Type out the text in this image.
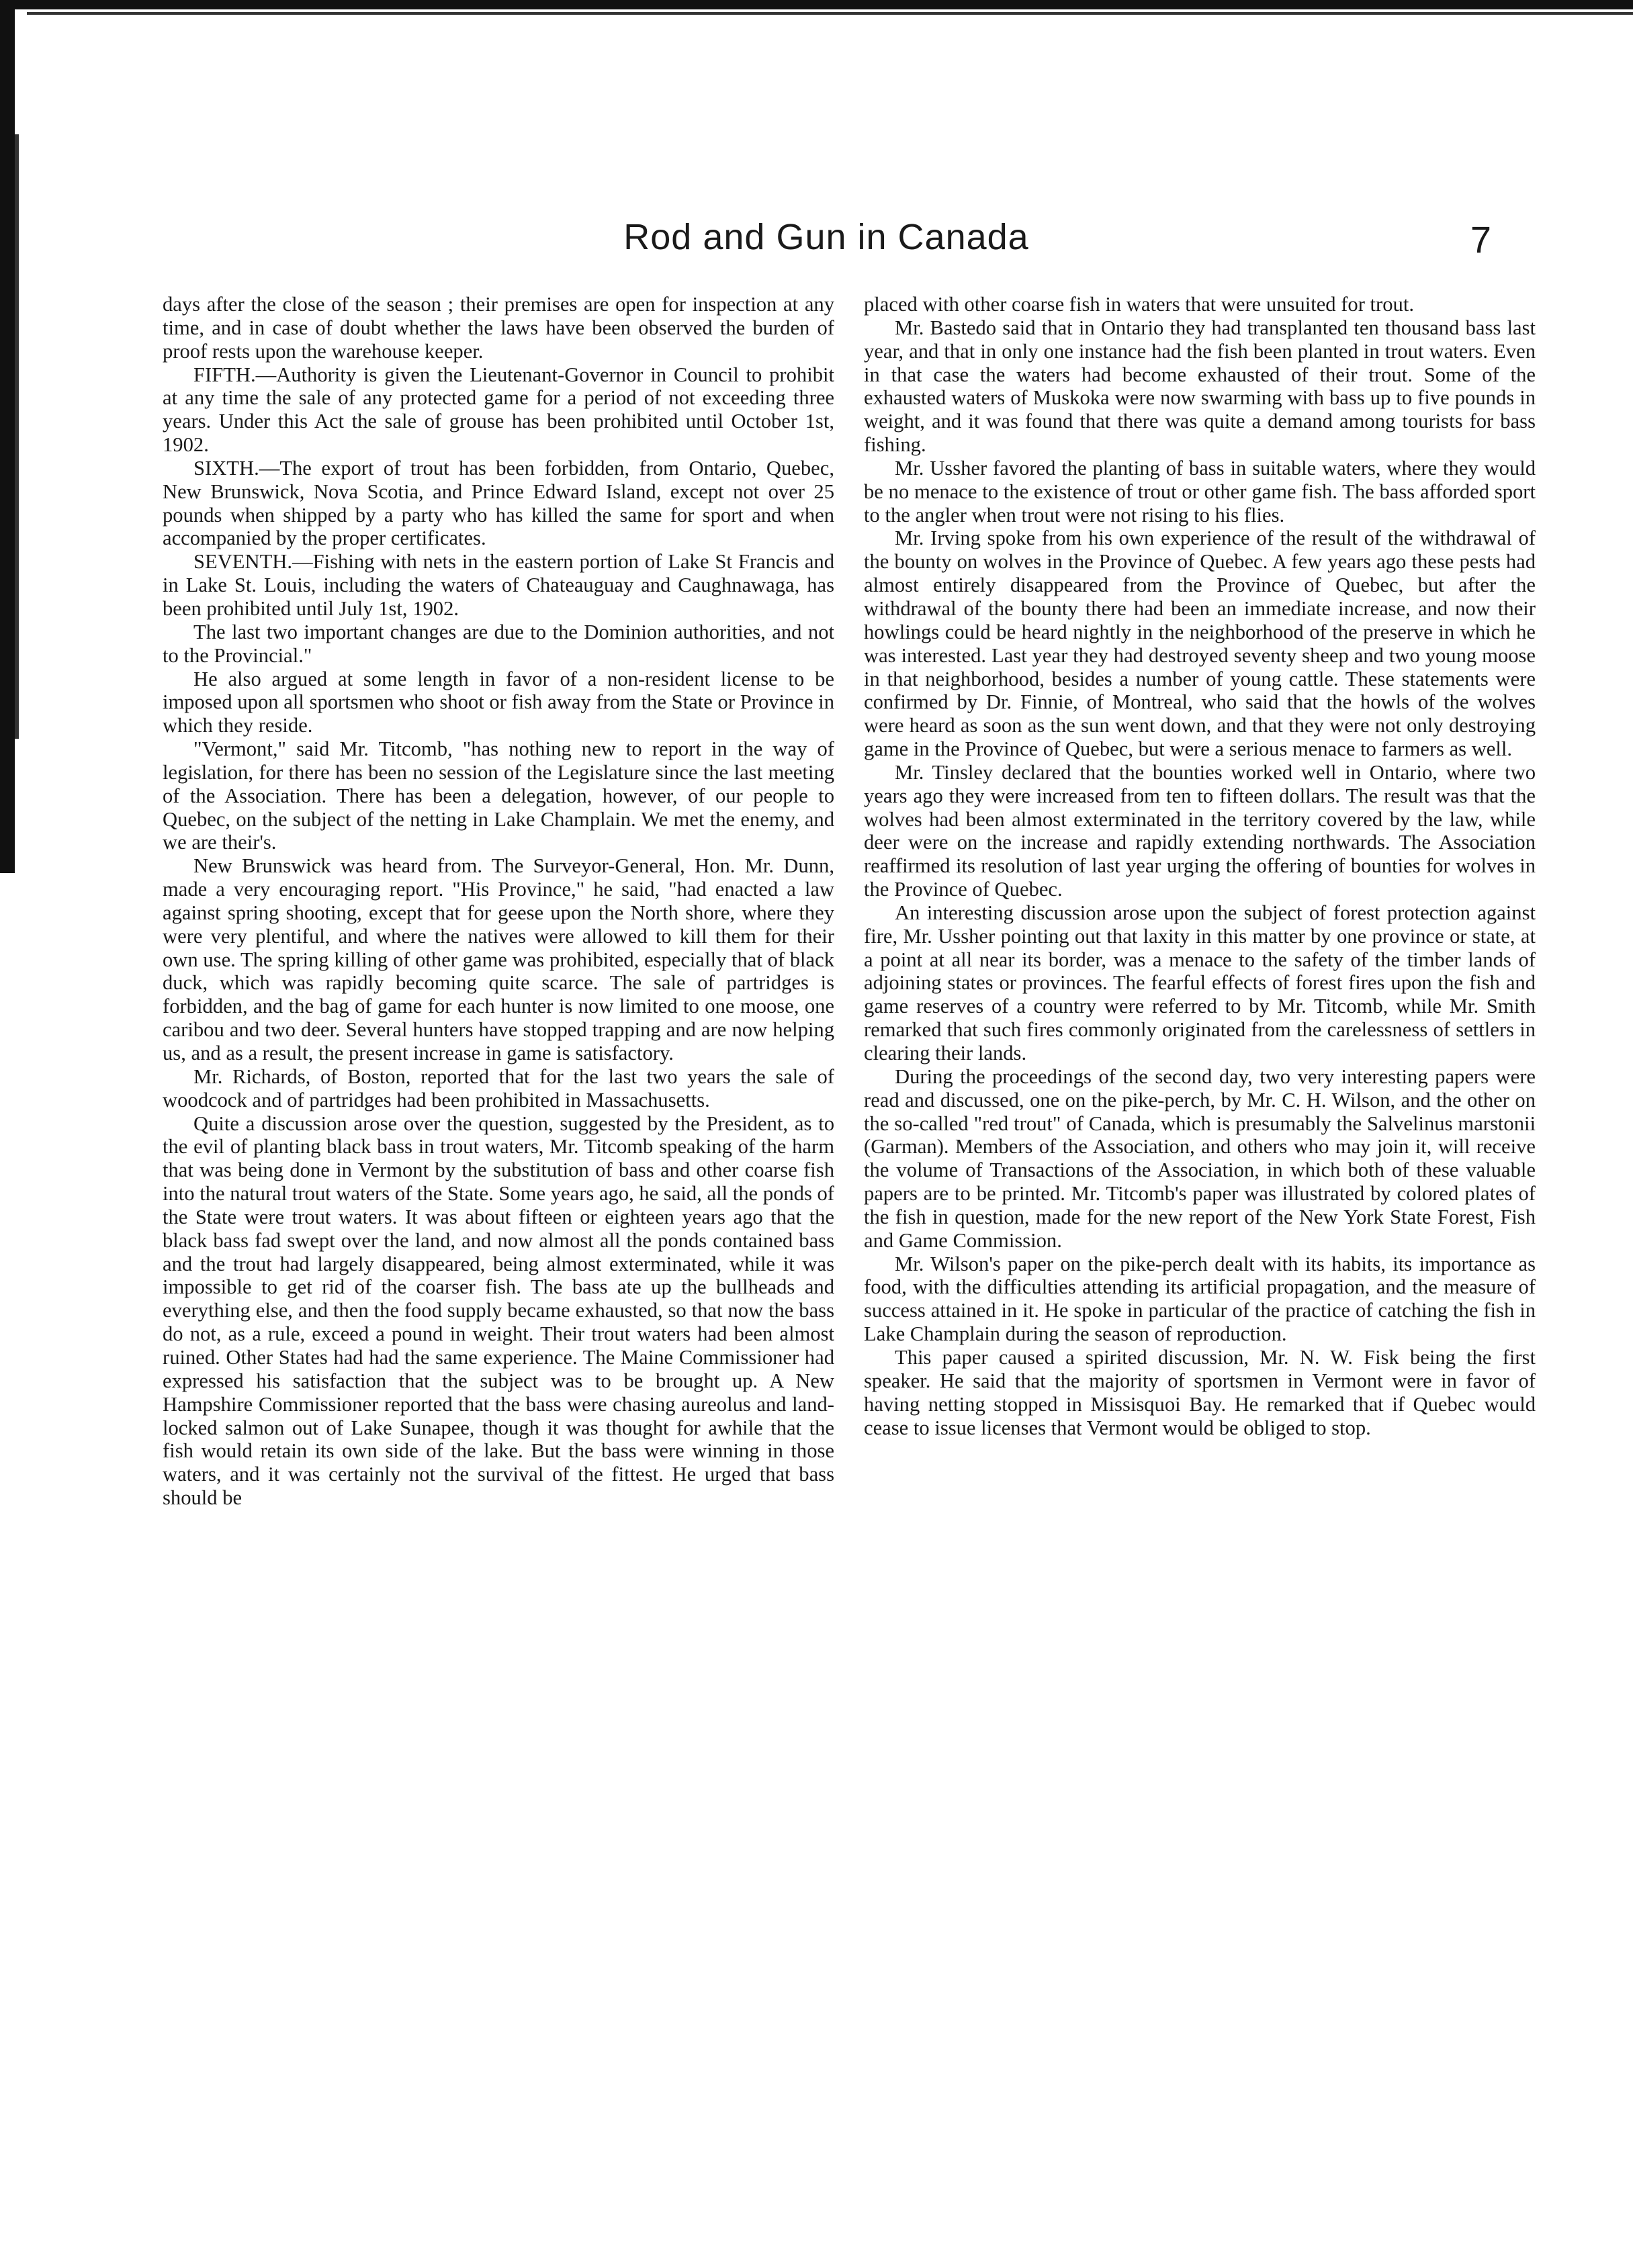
Rod and Gun in Canada	7

days after the close of the season ; their premises are open for inspection at any time, and in case of doubt whether the laws have been observed the burden of proof rests upon the warehouse keeper.

FIFTH.—Authority is given the Lieutenant-Governor in Council to prohibit at any time the sale of any protected game for a period of not exceeding three years. Under this Act the sale of grouse has been prohibited until October 1st, 1902.

SIXTH.—The export of trout has been forbidden, from Ontario, Quebec, New Brunswick, Nova Scotia, and Prince Edward Island, except not over 25 pounds when shipped by a party who has killed the same for sport and when accompanied by the proper certificates.

SEVENTH.—Fishing with nets in the eastern portion of Lake St Francis and in Lake St. Louis, including the waters of Chateauguay and Caughnawaga, has been prohibited until July 1st, 1902.

The last two important changes are due to the Dominion authorities, and not to the Provincial."

He also argued at some length in favor of a non-resident license to be imposed upon all sportsmen who shoot or fish away from the State or Province in which they reside.

"Vermont," said Mr. Titcomb, "has nothing new to report in the way of legislation, for there has been no session of the Legislature since the last meeting of the Association. There has been a delegation, however, of our people to Quebec, on the subject of the netting in Lake Champlain. We met the enemy, and we are their's.

New Brunswick was heard from. The Surveyor-General, Hon. Mr. Dunn, made a very encouraging report. "His Province," he said, "had enacted a law against spring shooting, except that for geese upon the North shore, where they were very plentiful, and where the natives were allowed to kill them for their own use. The spring killing of other game was prohibited, especially that of black duck, which was rapidly becoming quite scarce. The sale of partridges is forbidden, and the bag of game for each hunter is now limited to one moose, one caribou and two deer. Several hunters have stopped trapping and are now helping us, and as a result, the present increase in game is satisfactory.

Mr. Richards, of Boston, reported that for the last two years the sale of woodcock and of partridges had been prohibited in Massachusetts.

Quite a discussion arose over the question, suggested by the President, as to the evil of planting black bass in trout waters, Mr. Titcomb speaking of the harm that was being done in Vermont by the substitution of bass and other coarse fish into the natural trout waters of the State. Some years ago, he said, all the ponds of the State were trout waters. It was about fifteen or eighteen years ago that the black bass fad swept over the land, and now almost all the ponds contained bass and the trout had largely disappeared, being almost exterminated, while it was impossible to get rid of the coarser fish. The bass ate up the bullheads and everything else, and then the food supply became exhausted, so that now the bass do not, as a rule, exceed a pound in weight. Their trout waters had been almost ruined. Other States had had the same experience. The Maine Commissioner had expressed his satisfaction that the subject was to be brought up. A New Hampshire Commissioner reported that the bass were chasing aureolus and land-locked salmon out of Lake Sunapee, though it was thought for awhile that the fish would retain its own side of the lake. But the bass were winning in those waters, and it was certainly not the survival of the fittest. He urged that bass should be

placed with other coarse fish in waters that were unsuited for trout.

Mr. Bastedo said that in Ontario they had transplanted ten thousand bass last year, and that in only one instance had the fish been planted in trout waters. Even in that case the waters had become exhausted of their trout. Some of the exhausted waters of Muskoka were now swarming with bass up to five pounds in weight, and it was found that there was quite a demand among tourists for bass fishing.

Mr. Ussher favored the planting of bass in suitable waters, where they would be no menace to the existence of trout or other game fish. The bass afforded sport to the angler when trout were not rising to his flies.

Mr. Irving spoke from his own experience of the result of the withdrawal of the bounty on wolves in the Province of Quebec. A few years ago these pests had almost entirely disappeared from the Province of Quebec, but after the withdrawal of the bounty there had been an immediate increase, and now their howlings could be heard nightly in the neighborhood of the preserve in which he was interested. Last year they had destroyed seventy sheep and two young moose in that neighborhood, besides a number of young cattle. These statements were confirmed by Dr. Finnie, of Montreal, who said that the howls of the wolves were heard as soon as the sun went down, and that they were not only destroying game in the Province of Quebec, but were a serious menace to farmers as well.

Mr. Tinsley declared that the bounties worked well in Ontario, where two years ago they were increased from ten to fifteen dollars. The result was that the wolves had been almost exterminated in the territory covered by the law, while deer were on the increase and rapidly extending northwards. The Association reaffirmed its resolution of last year urging the offering of bounties for wolves in the Province of Quebec.

An interesting discussion arose upon the subject of forest protection against fire, Mr. Ussher pointing out that laxity in this matter by one province or state, at a point at all near its border, was a menace to the safety of the timber lands of adjoining states or provinces. The fearful effects of forest fires upon the fish and game reserves of a country were referred to by Mr. Titcomb, while Mr. Smith remarked that such fires commonly originated from the carelessness of settlers in clearing their lands.

During the proceedings of the second day, two very interesting papers were read and discussed, one on the pike-perch, by Mr. C. H. Wilson, and the other on the so-called "red trout" of Canada, which is presumably the Salvelinus marstonii (Garman). Members of the Association, and others who may join it, will receive the volume of Transactions of the Association, in which both of these valuable papers are to be printed. Mr. Titcomb's paper was illustrated by colored plates of the fish in question, made for the new report of the New York State Forest, Fish and Game Commission.

Mr. Wilson's paper on the pike-perch dealt with its habits, its importance as food, with the difficulties attending its artificial propagation, and the measure of success attained in it. He spoke in particular of the practice of catching the fish in Lake Champlain during the season of reproduction.

This paper caused a spirited discussion, Mr. N. W. Fisk being the first speaker. He said that the majority of sportsmen in Vermont were in favor of having netting stopped in Missisquoi Bay. He remarked that if Quebec would cease to issue licenses that Vermont would be obliged to stop.
